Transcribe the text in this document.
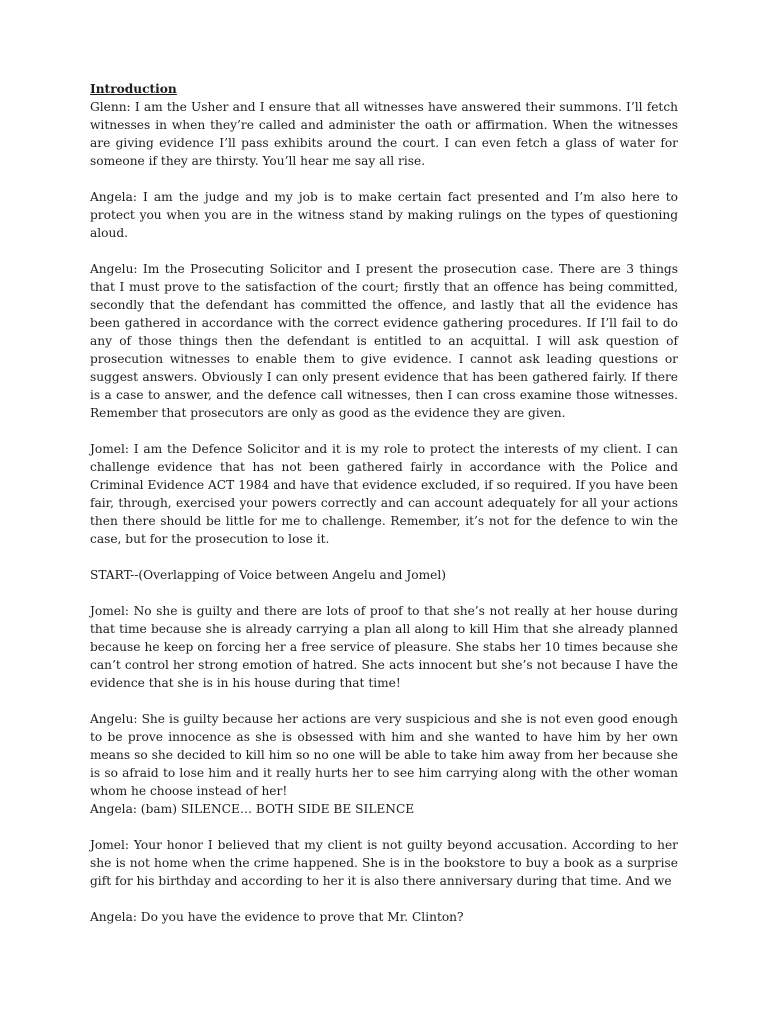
Introduction

Glenn: I am the Usher and I ensure that all witnesses have answered their summons. I’ll fetch witnesses in when they’re called and administer the oath or affirmation. When the witnesses are giving evidence I’ll pass exhibits around the court. I can even fetch a glass of water for someone if they are thirsty. You’ll hear me say all rise.

Angela: I am the judge and my job is to make certain fact presented and I’m also here to protect you when you are in the witness stand by making rulings on the types of questioning aloud.

Angelu: Im the Prosecuting Solicitor and I present the prosecution case. There are 3 things that I must prove to the satisfaction of the court; firstly that an offence has being committed, secondly that the defendant has committed the offence, and lastly that all the evidence has been gathered in accordance with the correct evidence gathering procedures. If I’ll fail to do any of those things then the defendant is entitled to an acquittal. I will ask question of prosecution witnesses to enable them to give evidence. I cannot ask leading questions or suggest answers. Obviously I can only present evidence that has been gathered fairly. If there is a case to answer, and the defence call witnesses, then I can cross examine those witnesses. Remember that prosecutors are only as good as the evidence they are given.

Jomel: I am the Defence Solicitor and it is my role to protect the interests of my client. I can challenge evidence that has not been gathered fairly in accordance with the Police and Criminal Evidence ACT 1984 and have that evidence excluded, if so required. If you have been fair, through, exercised your powers correctly and can account adequately for all your actions then there should be little for me to challenge. Remember, it’s not for the defence to win the case, but for the prosecution to lose it.

START--(Overlapping of Voice between Angelu and Jomel)

Jomel: No she is guilty and there are lots of proof to that she’s not really at her house during that time because she is already carrying a plan all along to kill Him that she already planned because he keep on forcing her a free service of pleasure. She stabs her 10 times because she can’t control her strong emotion of hatred. She acts innocent but she’s not because I have the evidence that she is in his house during that time!

Angelu: She is guilty because her actions are very suspicious and she is not even good enough to be prove innocence as she is obsessed with him and she wanted to have him by her own means so she decided to kill him so no one will be able to take him away from her because she is so afraid to lose him and it really hurts her to see him carrying along with the other woman whom he choose instead of her!

Angela: (bam) SILENCE… BOTH SIDE BE SILENCE

Jomel: Your honor I believed that my client is not guilty beyond accusation. According to her she is not home when the crime happened. She is in the bookstore to buy a book as a surprise gift for his birthday and according to her it is also there anniversary during that time. And we

Angela: Do you have the evidence to prove that Mr. Clinton?
